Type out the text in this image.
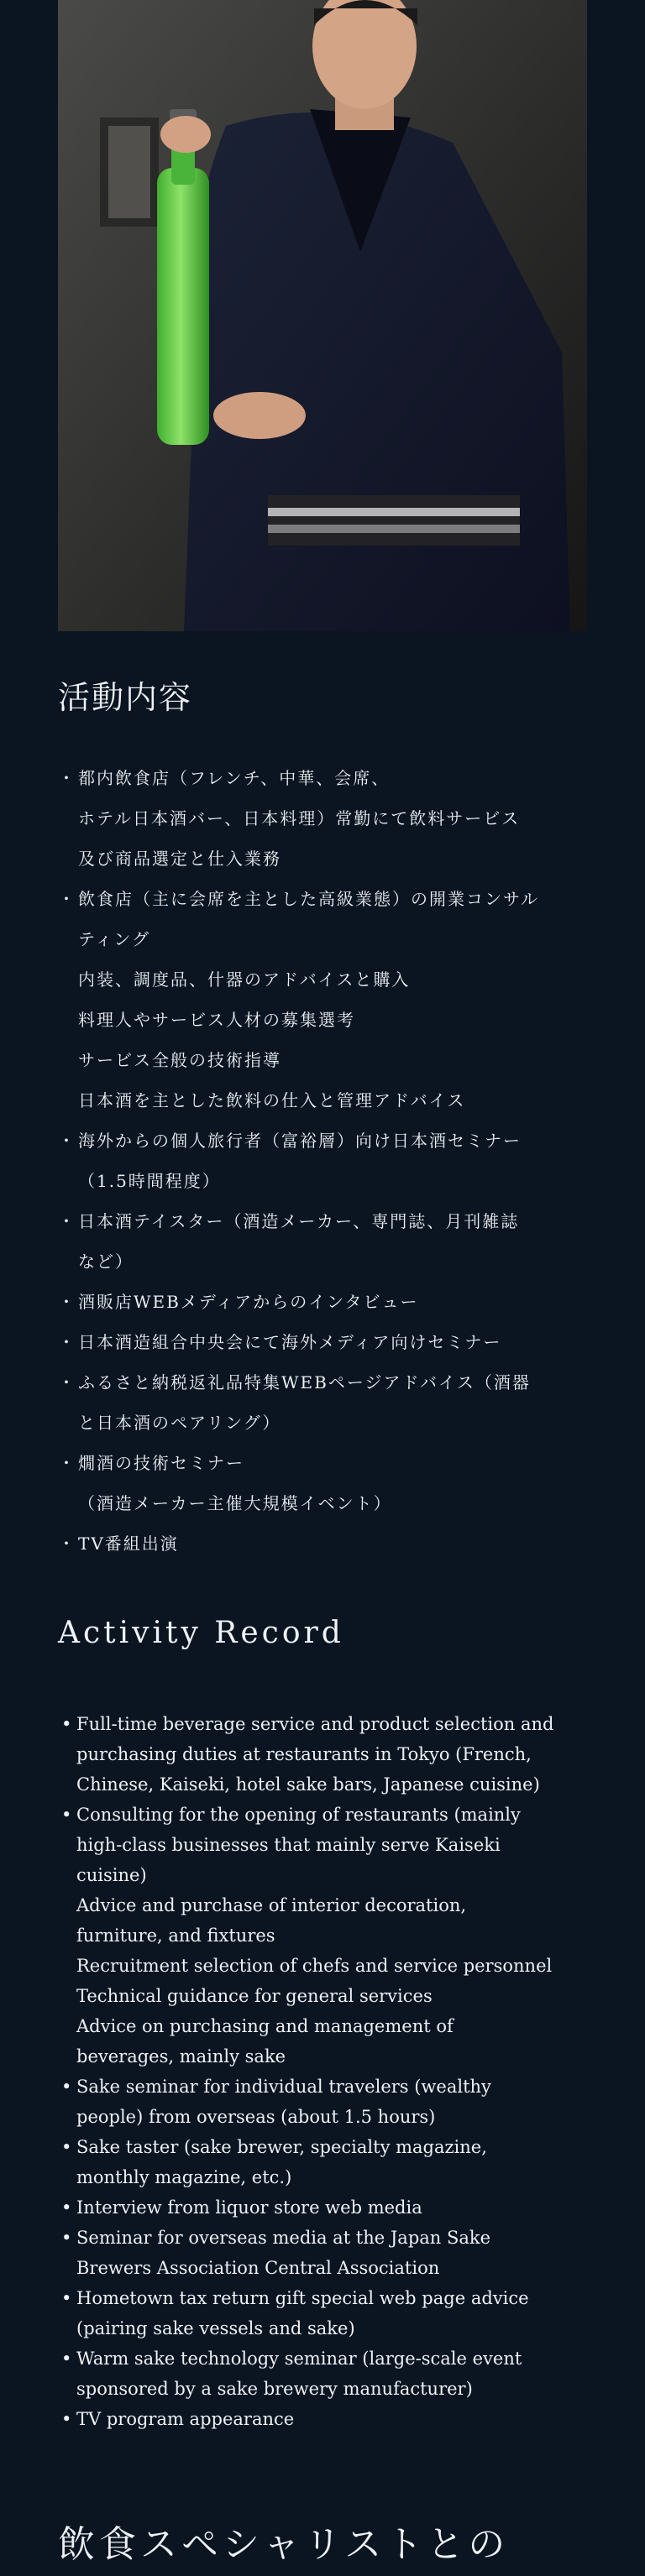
活動内容
・ 都内飲食店（フレンチ、中華、会席、
ホテル日本酒バー、日本料理）常勤にて飲料サービス
及び商品選定と仕入業務
・ 飲食店（主に会席を主とした高級業態）の開業コンサル
ティング
内装、調度品、什器のアドバイスと購入
料理人やサービス人材の募集選考
サービス全般の技術指導
日本酒を主とした飲料の仕入と管理アドバイス
・ 海外からの個人旅行者（富裕層）向け日本酒セミナー
（1.5時間程度）
・ 日本酒テイスター（酒造メーカー、専門誌、月刊雑誌
など）
・ 酒販店WEBメディアからのインタビュー
・ 日本酒造組合中央会にて海外メディア向けセミナー
・ ふるさと納税返礼品特集WEBページアドバイス（酒器
と日本酒のペアリング）
・ 燗酒の技術セミナー
（酒造メーカー主催大規模イベント）
・ TV番組出演
Activity Record
• Full-time beverage service and product selection and
purchasing duties at restaurants in Tokyo (French,
Chinese, Kaiseki, hotel sake bars, Japanese cuisine)
• Consulting for the opening of restaurants (mainly
high-class businesses that mainly serve Kaiseki
cuisine)
Advice and purchase of interior decoration,
furniture, and fixtures
Recruitment selection of chefs and service personnel
Technical guidance for general services
Advice on purchasing and management of
beverages, mainly sake
• Sake seminar for individual travelers (wealthy
people) from overseas (about 1.5 hours)
• Sake taster (sake brewer, specialty magazine,
monthly magazine, etc.)
• Interview from liquor store web media
• Seminar for overseas media at the Japan Sake
Brewers Association Central Association
• Hometown tax return gift special web page advice
(pairing sake vessels and sake)
• Warm sake technology seminar (large-scale event
sponsored by a sake brewery manufacturer)
• TV program appearance
飲食スペシャリストとの
